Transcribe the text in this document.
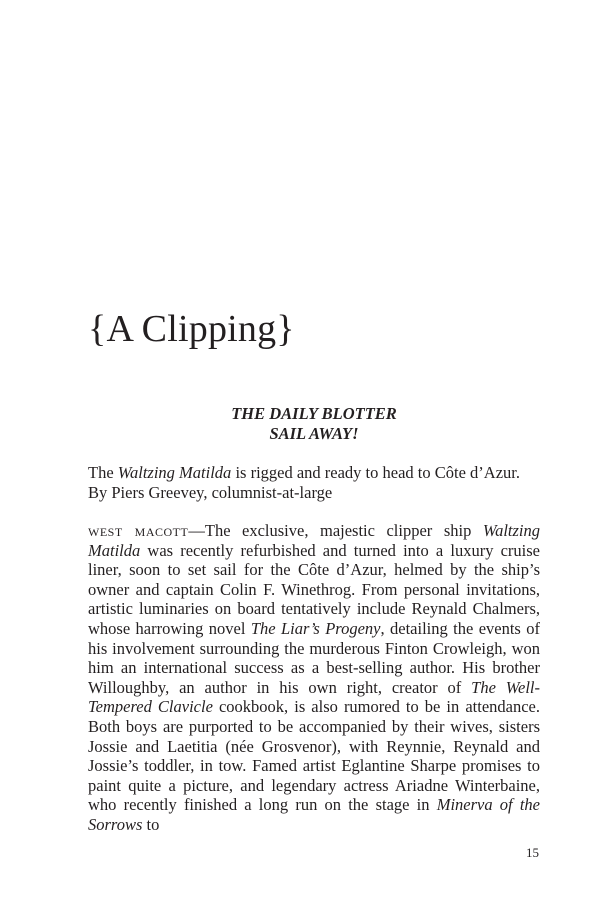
{A Clipping}
THE DAILY BLOTTER
SAIL AWAY!
The Waltzing Matilda is rigged and ready to head to Côte d’Azur.
By Piers Greevey, columnist-at-large

west macott—The exclusive, majestic clipper ship Waltzing Matilda was recently refurbished and turned into a luxury cruise liner, soon to set sail for the Côte d’Azur, helmed by the ship’s owner and captain Colin F. Winethrog. From personal invitations, artistic luminaries on board tentatively include Reynald Chalmers, whose harrowing novel The Liar’s Progeny, detailing the events of his involvement surrounding the murderous Finton Crowleigh, won him an international success as a best-selling author. His brother Willoughby, an author in his own right, creator of The Well-Tempered Clavicle cookbook, is also rumored to be in attendance. Both boys are purported to be accompanied by their wives, sisters Jossie and Laetitia (née Grosvenor), with Reynnie, Reynald and Jossie’s toddler, in tow. Famed artist Eglantine Sharpe promises to paint quite a picture, and legendary actress Ariadne Winterbaine, who recently finished a long run on the stage in Minerva of the Sorrows to

15
